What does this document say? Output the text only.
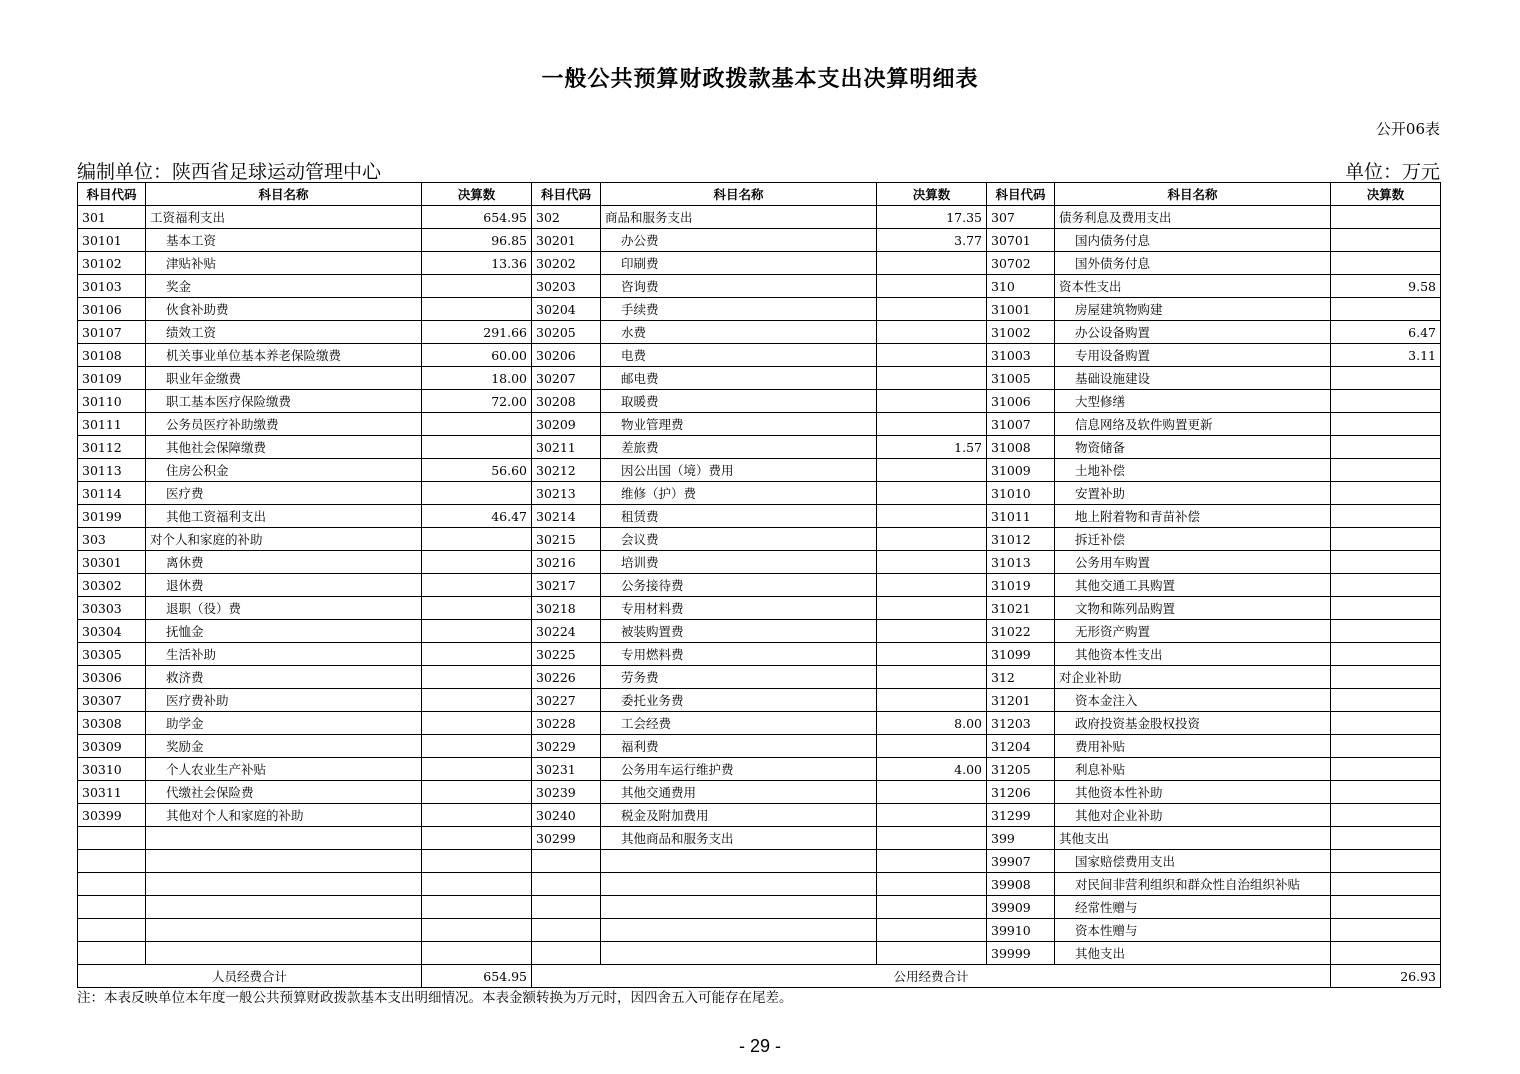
一般公共预算财政拨款基本支出决算明细表
公开06表
编制单位：陕西省足球运动管理中心	单位：万元
科目代码	科目名称	决算数	科目代码	科目名称	决算数	科目代码	科目名称	决算数
301	工资福利支出	654.95	302	商品和服务支出	17.35	307	债务利息及费用支出	
30101	基本工资	96.85	30201	办公费	3.77	30701	国内债务付息	
30102	津贴补贴	13.36	30202	印刷费		30702	国外债务付息	
30103	奖金		30203	咨询费		310	资本性支出	9.58
30106	伙食补助费		30204	手续费		31001	房屋建筑物购建	
30107	绩效工资	291.66	30205	水费		31002	办公设备购置	6.47
30108	机关事业单位基本养老保险缴费	60.00	30206	电费		31003	专用设备购置	3.11
30109	职业年金缴费	18.00	30207	邮电费		31005	基础设施建设	
30110	职工基本医疗保险缴费	72.00	30208	取暖费		31006	大型修缮	
30111	公务员医疗补助缴费		30209	物业管理费		31007	信息网络及软件购置更新	
30112	其他社会保障缴费		30211	差旅费	1.57	31008	物资储备	
30113	住房公积金	56.60	30212	因公出国（境）费用		31009	土地补偿	
30114	医疗费		30213	维修（护）费		31010	安置补助	
30199	其他工资福利支出	46.47	30214	租赁费		31011	地上附着物和青苗补偿	
303	对个人和家庭的补助		30215	会议费		31012	拆迁补偿	
30301	离休费		30216	培训费		31013	公务用车购置	
30302	退休费		30217	公务接待费		31019	其他交通工具购置	
30303	退职（役）费		30218	专用材料费		31021	文物和陈列品购置	
30304	抚恤金		30224	被装购置费		31022	无形资产购置	
30305	生活补助		30225	专用燃料费		31099	其他资本性支出	
30306	救济费		30226	劳务费		312	对企业补助	
30307	医疗费补助		30227	委托业务费		31201	资本金注入	
30308	助学金		30228	工会经费	8.00	31203	政府投资基金股权投资	
30309	奖励金		30229	福利费		31204	费用补贴	
30310	个人农业生产补贴		30231	公务用车运行维护费	4.00	31205	利息补贴	
30311	代缴社会保险费		30239	其他交通费用		31206	其他资本性补助	
30399	其他对个人和家庭的补助		30240	税金及附加费用		31299	其他对企业补助	
			30299	其他商品和服务支出		399	其他支出	
						39907	国家赔偿费用支出	
						39908	对民间非营利组织和群众性自治组织补贴	
						39909	经常性赠与	
						39910	资本性赠与	
						39999	其他支出	
人员经费合计		654.95	公用经费合计					26.93
注：本表反映单位本年度一般公共预算财政拨款基本支出明细情况。本表金额转换为万元时，因四舍五入可能存在尾差。
- 29 -
